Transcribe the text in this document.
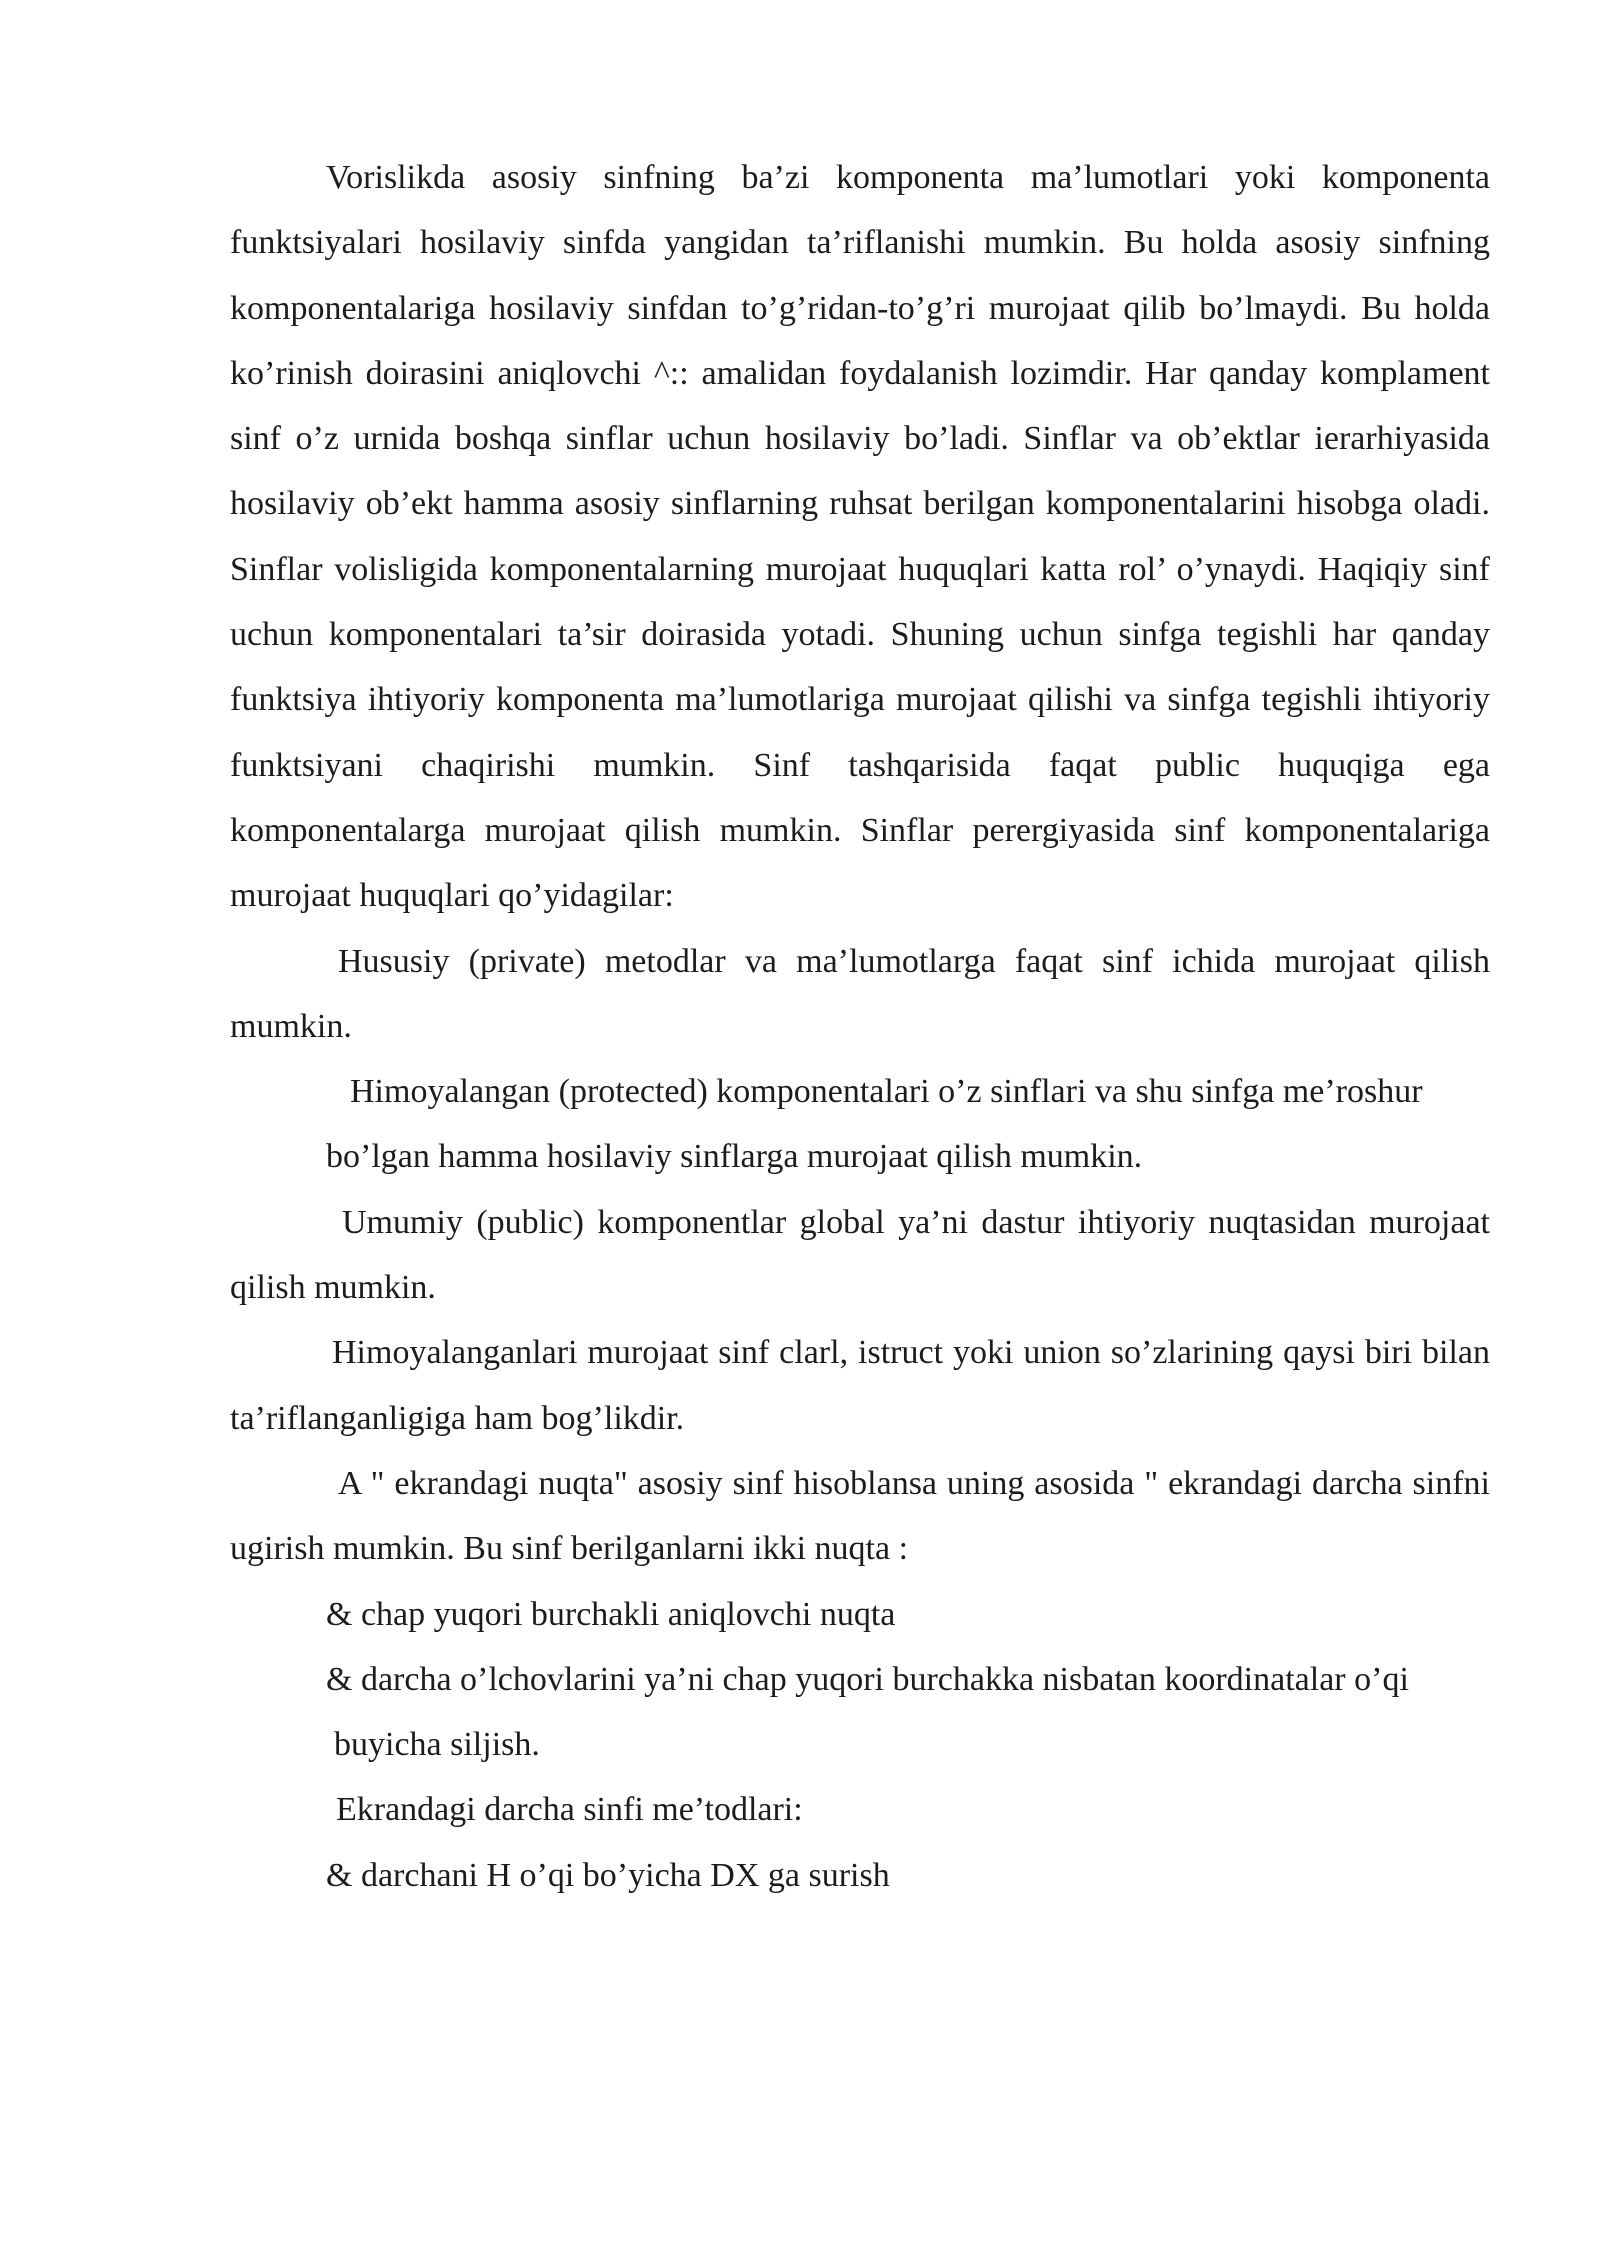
Vorislikda asosiy sinfning ba’zi komponenta ma’lumotlari yoki komponenta funktsiyalari hosilaviy sinfda yangidan ta’riflanishi mumkin. Bu holda asosiy sinfning komponentalariga hosilaviy sinfdan to’g’ridan-to’g’ri murojaat qilib bo’lmaydi. Bu holda ko’rinish doirasini aniqlovchi ^:: amalidan foydalanish lozimdir. Har qanday komplament sinf o’z urnida boshqa sinflar uchun hosilaviy bo’ladi. Sinflar va ob’ektlar ierarhiyasida hosilaviy ob’ekt hamma asosiy sinflarning ruhsat berilgan komponentalarini hisobga oladi. Sinflar volisligida komponentalarning murojaat huquqlari katta rol’ o’ynaydi. Haqiqiy sinf uchun komponentalari ta’sir doirasida yotadi. Shuning uchun sinfga tegishli har qanday funktsiya ihtiyoriy komponenta ma’lumotlariga murojaat qilishi va sinfga tegishli ihtiyoriy funktsiyani chaqirishi mumkin. Sinf tashqarisida faqat public huquqiga ega komponentalarga murojaat qilish mumkin. Sinflar perergiyasida sinf komponentalariga murojaat huquqlari qo’yidagilar:

Hususiy (private) metodlar va ma’lumotlarga faqat sinf ichida murojaat qilish mumkin.

Himoyalangan (protected) komponentalari o’z sinflari va shu sinfga me’roshur

bo’lgan hamma hosilaviy sinflarga murojaat qilish mumkin.

Umumiy (public) komponentlar global ya’ni dastur ihtiyoriy nuqtasidan murojaat qilish mumkin.

Himoyalanganlari murojaat sinf clarl, istruct yoki union so’zlarining qaysi biri bilan ta’riflanganligiga ham bog’likdir.

A " ekrandagi nuqta" asosiy sinf hisoblansa uning asosida " ekrandagi darcha sinfni ugirish mumkin. Bu sinf berilganlarni ikki nuqta :

& chap yuqori burchakli aniqlovchi nuqta

& darcha o’lchovlarini ya’ni chap yuqori burchakka nisbatan koordinatalar o’qi

buyicha siljish.

Ekrandagi darcha sinfi me’todlari:

& darchani H o’qi bo’yicha DX ga surish
